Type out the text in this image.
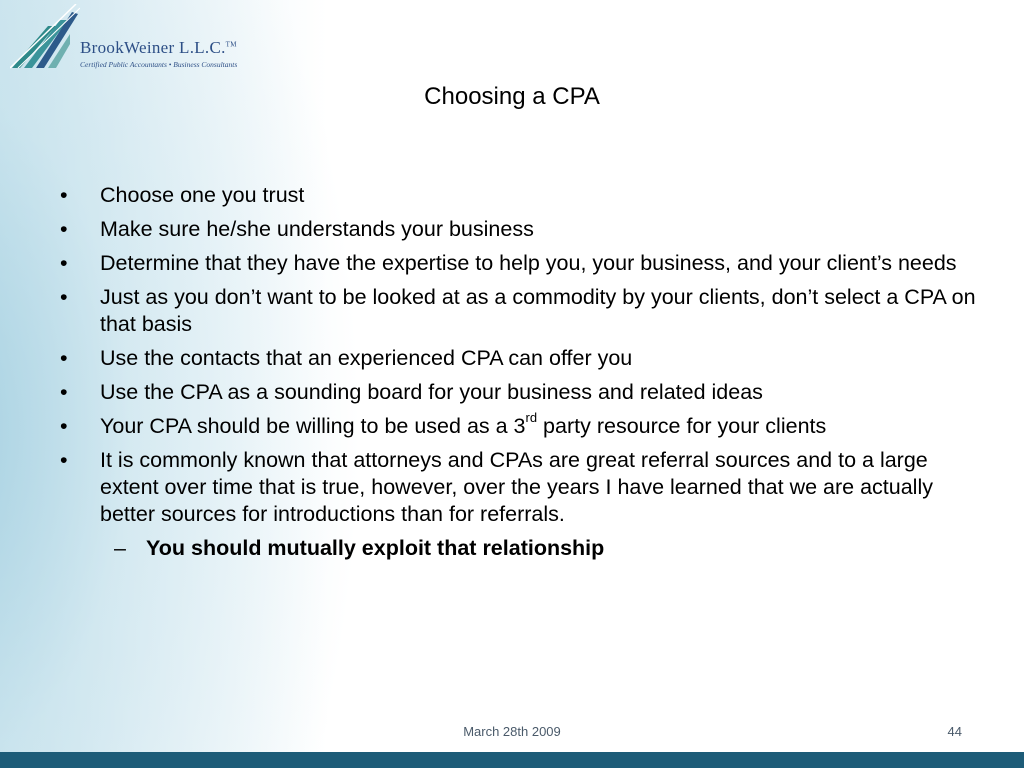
BrookWeiner L.L.C.™
Certified Public Accountants • Business Consultants
Choosing a CPA
• Choose one you trust
• Make sure he/she understands your business
• Determine that they have the expertise to help you, your business, and your client’s needs
• Just as you don’t want to be looked at as a commodity by your clients, don’t select a CPA on that basis
• Use the contacts that an experienced CPA can offer you
• Use the CPA as a sounding board for your business and related ideas
• Your CPA should be willing to be used as a 3rd party resource for your clients
• It is commonly known that attorneys and CPAs are great referral sources and to a large extent over time that is true, however, over the years I have learned that we are actually better sources for introductions than for referrals.
– You should mutually exploit that relationship
March 28th 2009	44
